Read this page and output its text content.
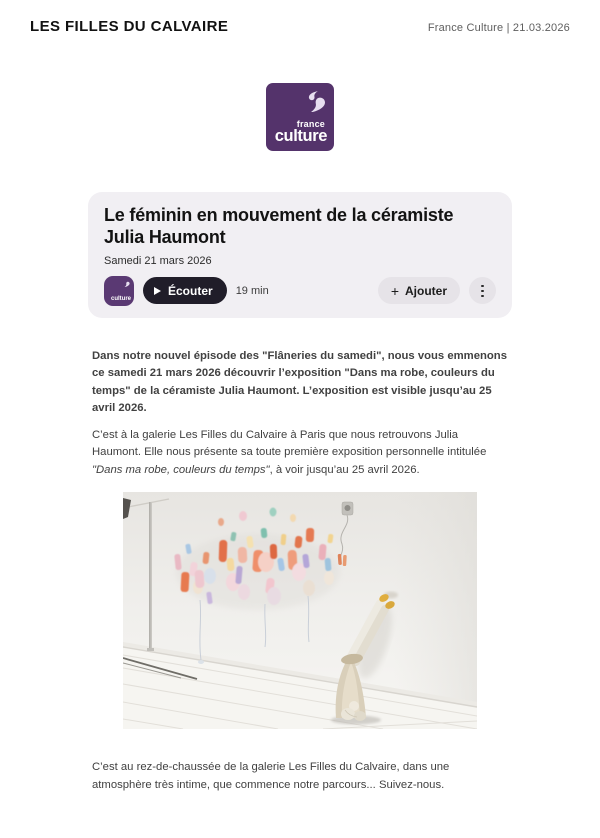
LES FILLES DU CALVAIRE	France Culture | 21.03.2026
france
culture
Le féminin en mouvement de la céramiste Julia Haumont
Samedi 21 mars 2026
culture
Écouter 19 min	+ Ajouter

Dans notre nouvel épisode des "Flâneries du samedi", nous vous emmenons ce samedi 21 mars 2026 découvrir l’exposition "Dans ma robe, couleurs du temps" de la céramiste Julia Haumont. L’exposition est visible jusqu’au 25 avril 2026.

C’est à la galerie Les Filles du Calvaire à Paris que nous retrouvons Julia Haumont. Elle nous présente sa toute première exposition personnelle intitulée "Dans ma robe, couleurs du temps", à voir jusqu’au 25 avril 2026.

C’est au rez-de-chaussée de la galerie Les Filles du Calvaire, dans une atmosphère très intime, que commence notre parcours... Suivez-nous.
